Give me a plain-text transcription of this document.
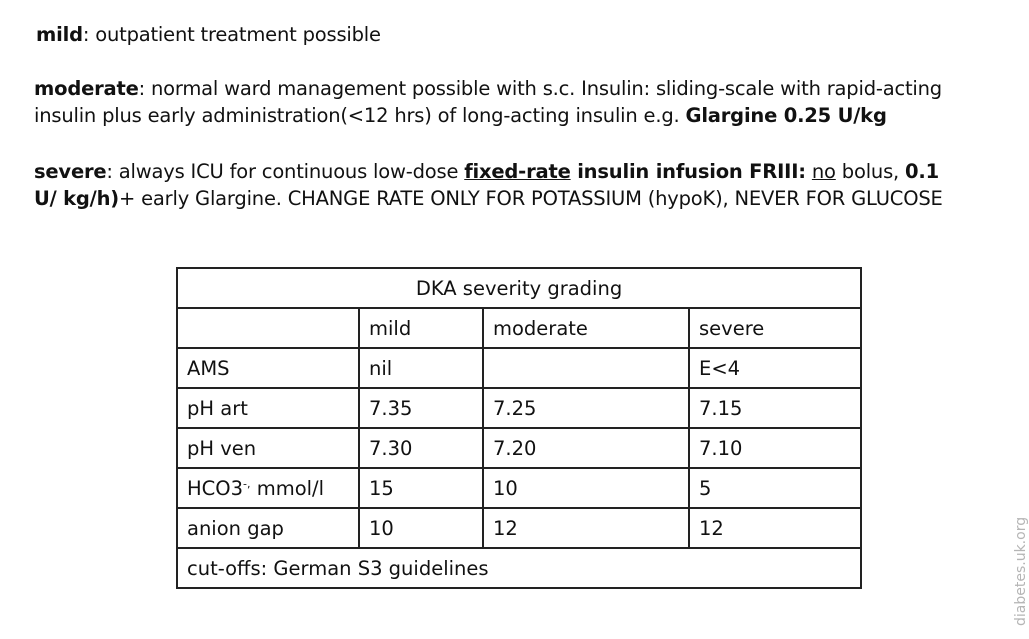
mild: outpatient treatment possible
moderate: normal ward management possible with s.c. Insulin: sliding-scale with rapid-acting insulin plus early administration(<12 hrs) of long-acting insulin e.g. Glargine 0.25 U/kg
severe: always ICU for continuous low-dose fixed-rate insulin infusion FRIII: no bolus, 0.1 U/ kg/h)+ early Glargine. CHANGE RATE ONLY FOR POTASSIUM (hypoK), NEVER FOR GLUCOSE
DKA severity grading			
	mild	moderate	severe
AMS	nil		E<4
pH art	7.35	7.25	7.15
pH ven	7.30	7.20	7.10
HCO3-, mmol/l	15	10	5
anion gap	10	12	12
cut-offs: German S3 guidelines				diabetes.uk.org
